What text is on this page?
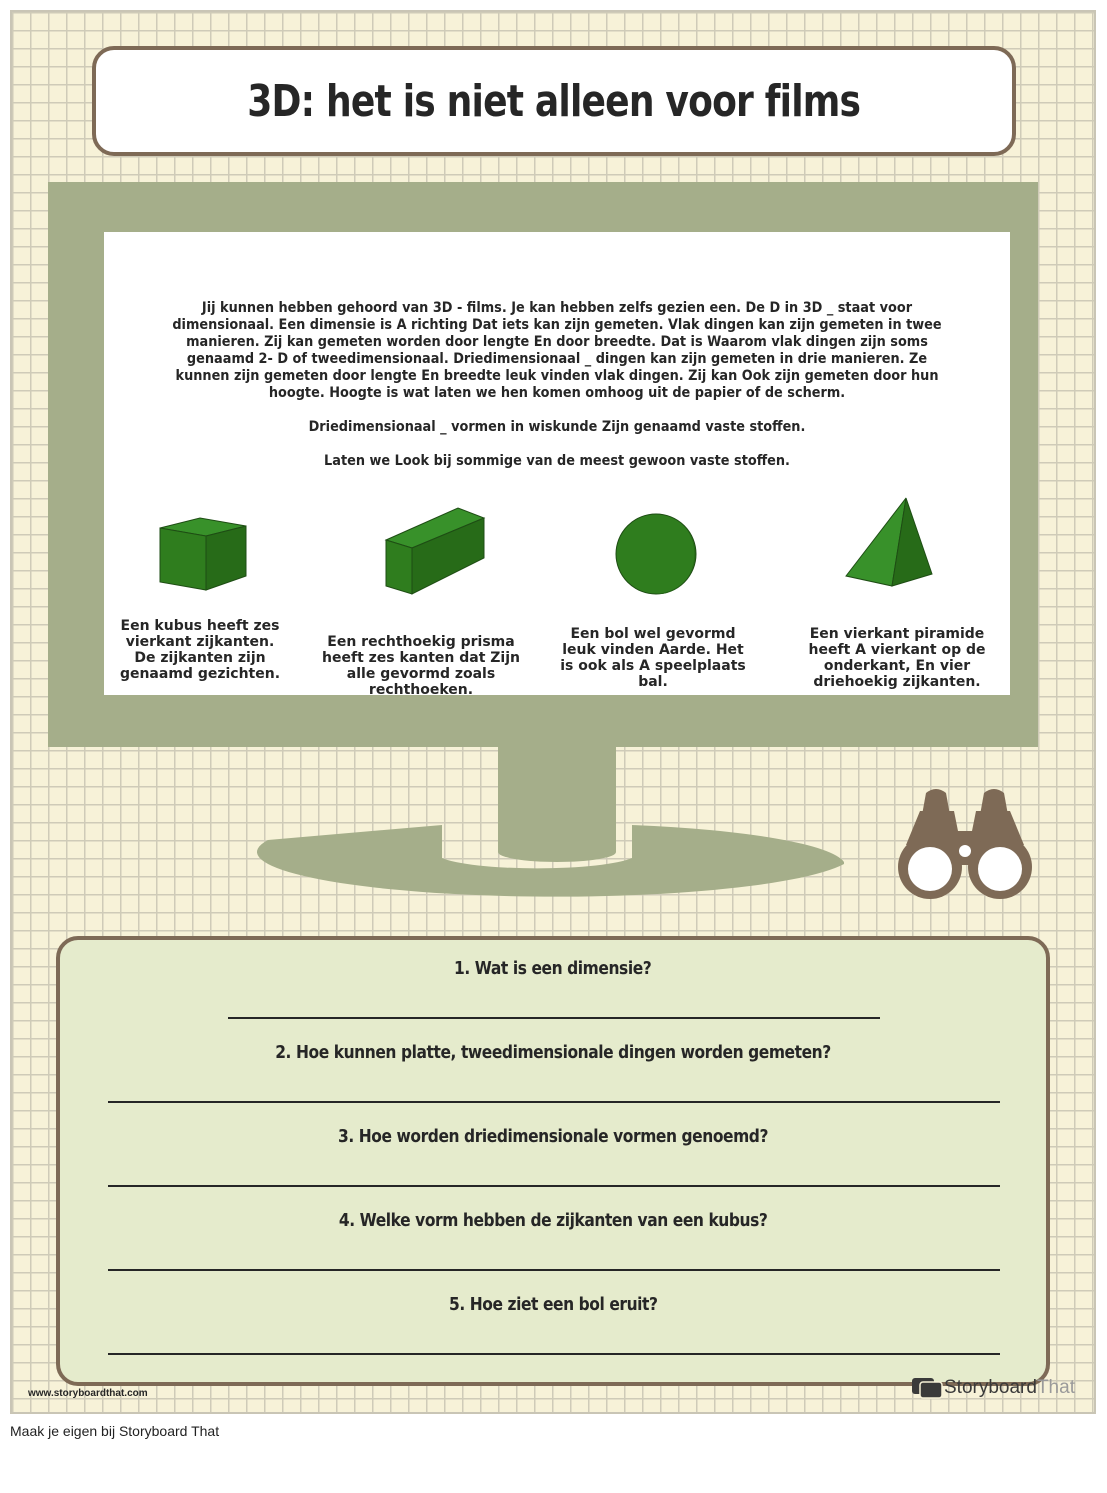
3D: het is niet alleen voor films

Jij kunnen hebben gehoord van 3D - films. Je kan hebben zelfs gezien een. De D in 3D _ staat voor dimensionaal. Een dimensie is A richting Dat iets kan zijn gemeten. Vlak dingen kan zijn gemeten in twee manieren. Zij kan gemeten worden door lengte En door breedte. Dat is Waarom vlak dingen zijn soms genaamd 2- D of tweedimensionaal. Driedimensionaal _ dingen kan zijn gemeten in drie manieren. Ze kunnen zijn gemeten door lengte En breedte leuk vinden vlak dingen. Zij kan Ook zijn gemeten door hun hoogte. Hoogte is wat laten we hen komen omhoog uit de papier of de scherm.

Driedimensionaal _ vormen in wiskunde Zijn genaamd vaste stoffen.

Laten we Look bij sommige van de meest gewoon vaste stoffen.

Een kubus heeft zes vierkant zijkanten. De zijkanten zijn genaamd gezichten.
Een rechthoekig prisma heeft zes kanten dat Zijn alle gevormd zoals rechthoeken.
Een bol wel gevormd leuk vinden Aarde. Het is ook als A speelplaats bal.
Een vierkant piramide heeft A vierkant op de onderkant, En vier driehoekig zijkanten.
1. Wat is een dimensie?
2. Hoe kunnen platte, tweedimensionale dingen worden gemeten?
3. Hoe worden driedimensionale vormen genoemd?
4. Welke vorm hebben de zijkanten van een kubus?
5. Hoe ziet een bol eruit?
www.storyboardthat.com	Storyboard That
Maak je eigen bij Storyboard That
